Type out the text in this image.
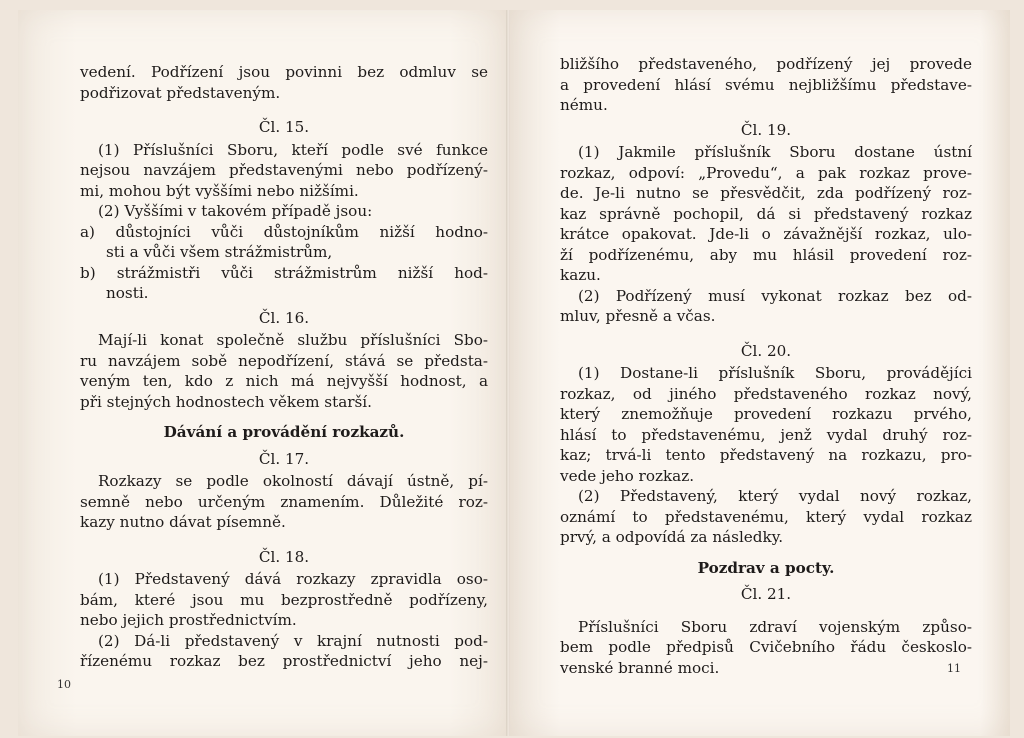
vedení. Podřízení jsou povinni bez odmluv se
podřizovat představeným.
Čl. 15.
(1) Příslušníci Sboru, kteří podle své funkce
nejsou navzájem představenými nebo podřízený-
mi, mohou být vyššími nebo nižšími.
(2) Vyššími v takovém případě jsou:
a) důstojníci vůči důstojníkům nižší hodno-
sti a vůči všem strážmistrům,
b) strážmistři vůči strážmistrům nižší hod-
nosti.
Čl. 16.
Mají-li konat společně službu příslušníci Sbo-
ru navzájem sobě nepodřízení, stává se předsta-
veným ten, kdo z nich má nejvyšší hodnost, a
při stejných hodnostech věkem starší.
Dávání a provádění rozkazů.
Čl. 17.
Rozkazy se podle okolností dávají ústně, pí-
semně nebo určeným znamením. Důležité roz-
kazy nutno dávat písemně.
Čl. 18.
(1) Představený dává rozkazy zpravidla oso-
bám, které jsou mu bezprostředně podřízeny,
nebo jejich prostřednictvím.
(2) Dá-li představený v krajní nutnosti pod-
řízenému rozkaz bez prostřednictví jeho nej-
10
bližšího představeného, podřízený jej provede
a provedení hlásí svému nejbližšímu představe-
nému.
Čl. 19.
(1) Jakmile příslušník Sboru dostane ústní
rozkaz, odpoví: „Provedu“, a pak rozkaz prove-
de. Je-li nutno se přesvědčit, zda podřízený roz-
kaz správně pochopil, dá si představený rozkaz
krátce opakovat. Jde-li o závažnější rozkaz, ulo-
ží podřízenému, aby mu hlásil provedení roz-
kazu.
(2) Podřízený musí vykonat rozkaz bez od-
mluv, přesně a včas.
Čl. 20.
(1) Dostane-li příslušník Sboru, provádějíci
rozkaz, od jiného představeného rozkaz nový,
který znemožňuje provedení rozkazu prvého,
hlásí to představenému, jenž vydal druhý roz-
kaz; trvá-li tento představený na rozkazu, pro-
vede jeho rozkaz.
(2) Představený, který vydal nový rozkaz,
oznámí to představenému, který vydal rozkaz
prvý, a odpovídá za následky.
Pozdrav a pocty.
Čl. 21.
Příslušníci Sboru zdraví vojenským způso-
bem podle předpisů Cvičebního řádu českoslo-
venské branné moci.	11
